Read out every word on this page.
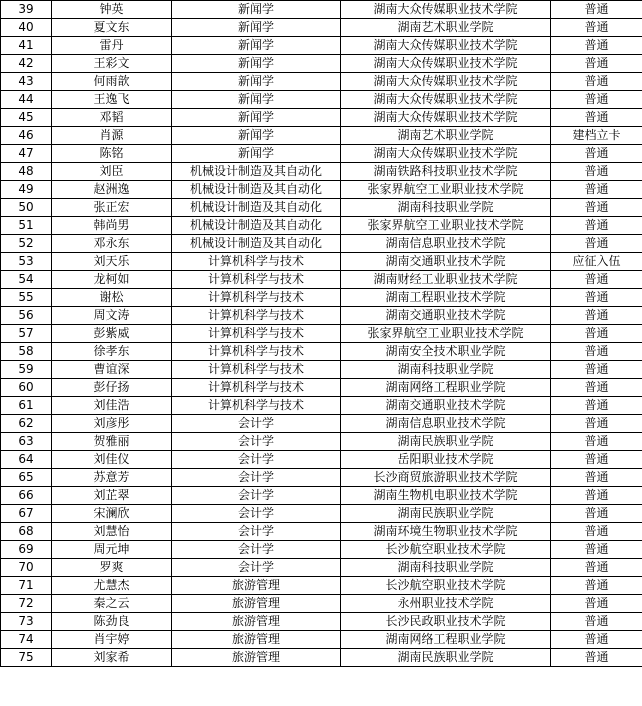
39	钟英	新闻学	湖南大众传媒职业技术学院	普通
40	夏文东	新闻学	湖南艺术职业学院	普通
41	雷丹	新闻学	湖南大众传媒职业技术学院	普通
42	王彩文	新闻学	湖南大众传媒职业技术学院	普通
43	何雨歆	新闻学	湖南大众传媒职业技术学院	普通
44	王逸飞	新闻学	湖南大众传媒职业技术学院	普通
45	邓韬	新闻学	湖南大众传媒职业技术学院	普通
46	肖源	新闻学	湖南艺术职业学院	建档立卡
47	陈铭	新闻学	湖南大众传媒职业技术学院	普通
48	刘臣	机械设计制造及其自动化	湖南铁路科技职业技术学院	普通
49	赵洲逸	机械设计制造及其自动化	张家界航空工业职业技术学院	普通
50	张正宏	机械设计制造及其自动化	湖南科技职业学院	普通
51	韩尚男	机械设计制造及其自动化	张家界航空工业职业技术学院	普通
52	邓永东	机械设计制造及其自动化	湖南信息职业技术学院	普通
53	刘天乐	计算机科学与技术	湖南交通职业技术学院	应征入伍
54	龙柯如	计算机科学与技术	湖南财经工业职业技术学院	普通
55	谢松	计算机科学与技术	湖南工程职业技术学院	普通
56	周文涛	计算机科学与技术	湖南交通职业技术学院	普通
57	彭紫威	计算机科学与技术	张家界航空工业职业技术学院	普通
58	徐孝东	计算机科学与技术	湖南安全技术职业学院	普通
59	曹谊深	计算机科学与技术	湖南科技职业学院	普通
60	彭仔扬	计算机科学与技术	湖南网络工程职业学院	普通
61	刘佳浩	计算机科学与技术	湖南交通职业技术学院	普通
62	刘彦彤	会计学	湖南信息职业技术学院	普通
63	贺雅丽	会计学	湖南民族职业学院	普通
64	刘佳仪	会计学	岳阳职业技术学院	普通
65	苏意芳	会计学	长沙商贸旅游职业技术学院	普通
66	刘芷翠	会计学	湖南生物机电职业技术学院	普通
67	宋澜欣	会计学	湖南民族职业学院	普通
68	刘慧怡	会计学	湖南环境生物职业技术学院	普通
69	周元坤	会计学	长沙航空职业技术学院	普通
70	罗爽	会计学	湖南科技职业学院	普通
71	尤慧杰	旅游管理	长沙航空职业技术学院	普通
72	秦之云	旅游管理	永州职业技术学院	普通
73	陈劲良	旅游管理	长沙民政职业技术学院	普通
74	肖宇婷	旅游管理	湖南网络工程职业学院	普通
75	刘家希	旅游管理	湖南民族职业学院	普通
